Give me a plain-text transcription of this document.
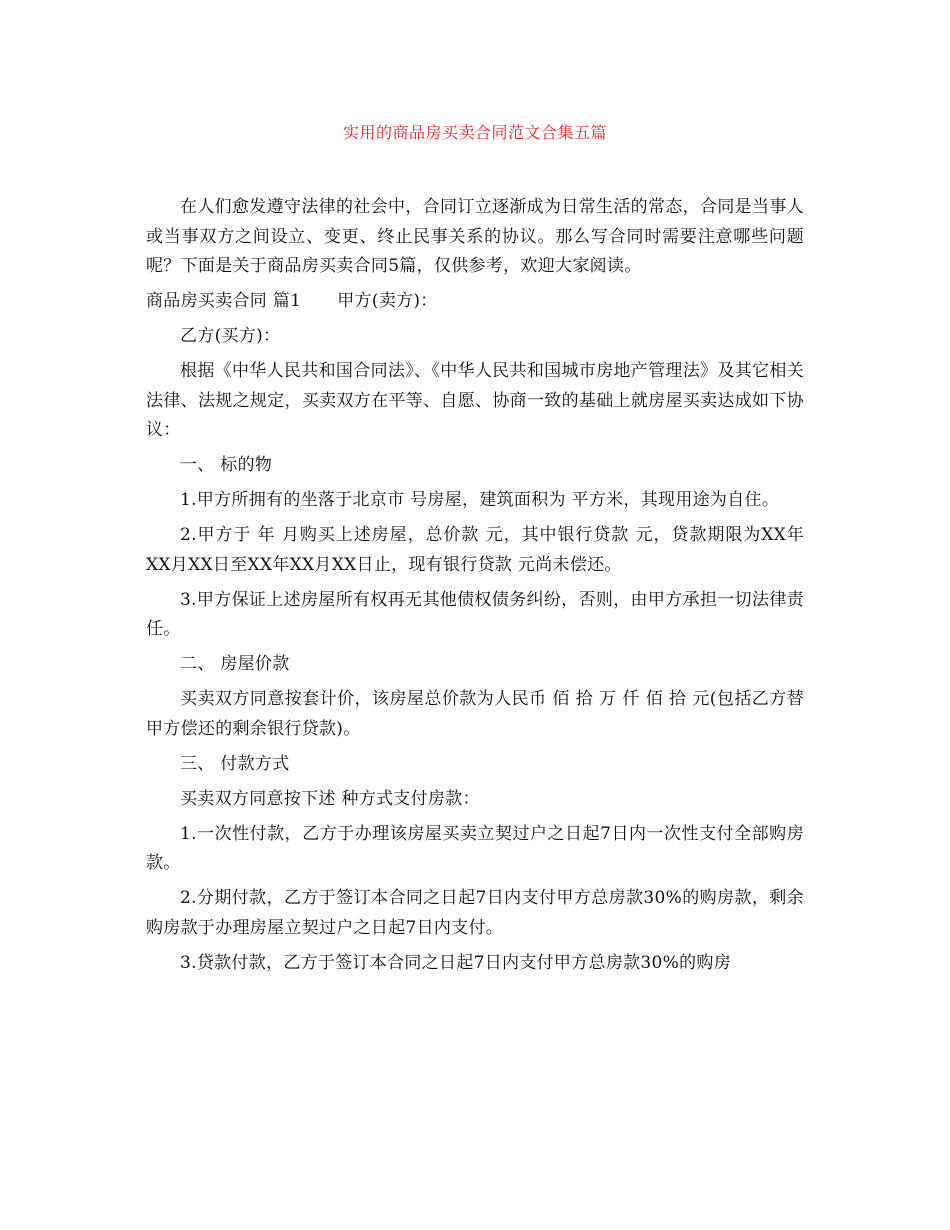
实用的商品房买卖合同范文合集五篇

在人们愈发遵守法律的社会中，合同订立逐渐成为日常生活的常态，合同是当事人或当事双方之间设立、变更、终止民事关系的协议。那么写合同时需要注意哪些问题呢？下面是关于商品房买卖合同5篇，仅供参考，欢迎大家阅读。

商品房买卖合同 篇1 甲方(卖方)：

乙方(买方)：

根据《中华人民共和国合同法》、《中华人民共和国城市房地产管理法》及其它相关法律、法规之规定，买卖双方在平等、自愿、协商一致的基础上就房屋买卖达成如下协议：

一、 标的物

1.甲方所拥有的坐落于北京市 号房屋，建筑面积为 平方米，其现用途为自住。

2.甲方于 年 月购买上述房屋，总价款 元，其中银行贷款 元，贷款期限为XX年XX月XX日至XX年XX月XX日止，现有银行贷款 元尚未偿还。

3.甲方保证上述房屋所有权再无其他债权债务纠纷，否则，由甲方承担一切法律责任。

二、 房屋价款

买卖双方同意按套计价，该房屋总价款为人民币 佰 拾 万 仟 佰 拾 元(包括乙方替甲方偿还的剩余银行贷款)。

三、 付款方式

买卖双方同意按下述 种方式支付房款：

1.一次性付款，乙方于办理该房屋买卖立契过户之日起7日内一次性支付全部购房款。

2.分期付款，乙方于签订本合同之日起7日内支付甲方总房款30%的购房款，剩余购房款于办理房屋立契过户之日起7日内支付。

3.贷款付款，乙方于签订本合同之日起7日内支付甲方总房款30%的购房
